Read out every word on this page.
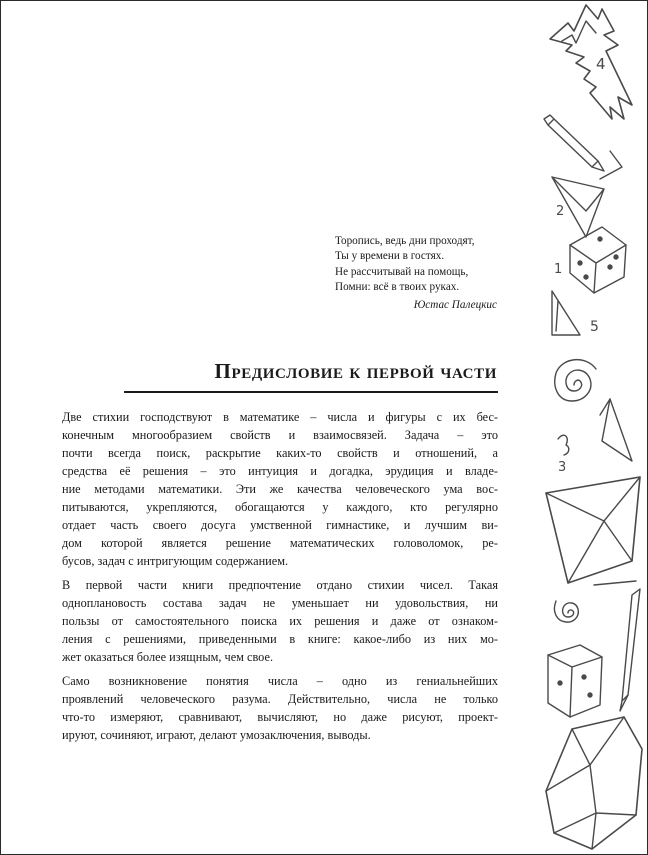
Торопись, ведь дни проходят,
Ты у времени в гостях.
Не рассчитывай на помощь,
Помни: всё в твоих руках.
Юстас Палецкис
Предисловие к первой части

Две стихии господствуют в математике – числа и фигуры с их бес-
конечным многообразием свойств и взаимосвязей. Задача – это
почти всегда поиск, раскрытие каких-то свойств и отношений, а
средства её решения – это интуиция и догадка, эрудиция и владе-
ние методами математики. Эти же качества человеческого ума вос-
питываются, укрепляются, обогащаются у каждого, кто регулярно
отдает часть своего досуга умственной гимнастике, и лучшим ви-
дом которой является решение математических головоломок, ре-
бусов, задач с интригующим содержанием.

В первой части книги предпочтение отдано стихии чисел. Такая
одноплановость состава задач не уменьшает ни удовольствия, ни
пользы от самостоятельного поиска их решения и даже от ознаком-
ления с решениями, приведенными в книге: какое-либо из них мо-
жет оказаться более изящным, чем свое.

Само возникновение понятия числа – одно из гениальнейших
проявлений человеческого разума. Действительно, числа не только
что-то измеряют, сравнивают, вычисляют, но даже рисуют, проект-
ируют, сочиняют, играют, делают умозаключения, выводы.

4
2
1
5
3
